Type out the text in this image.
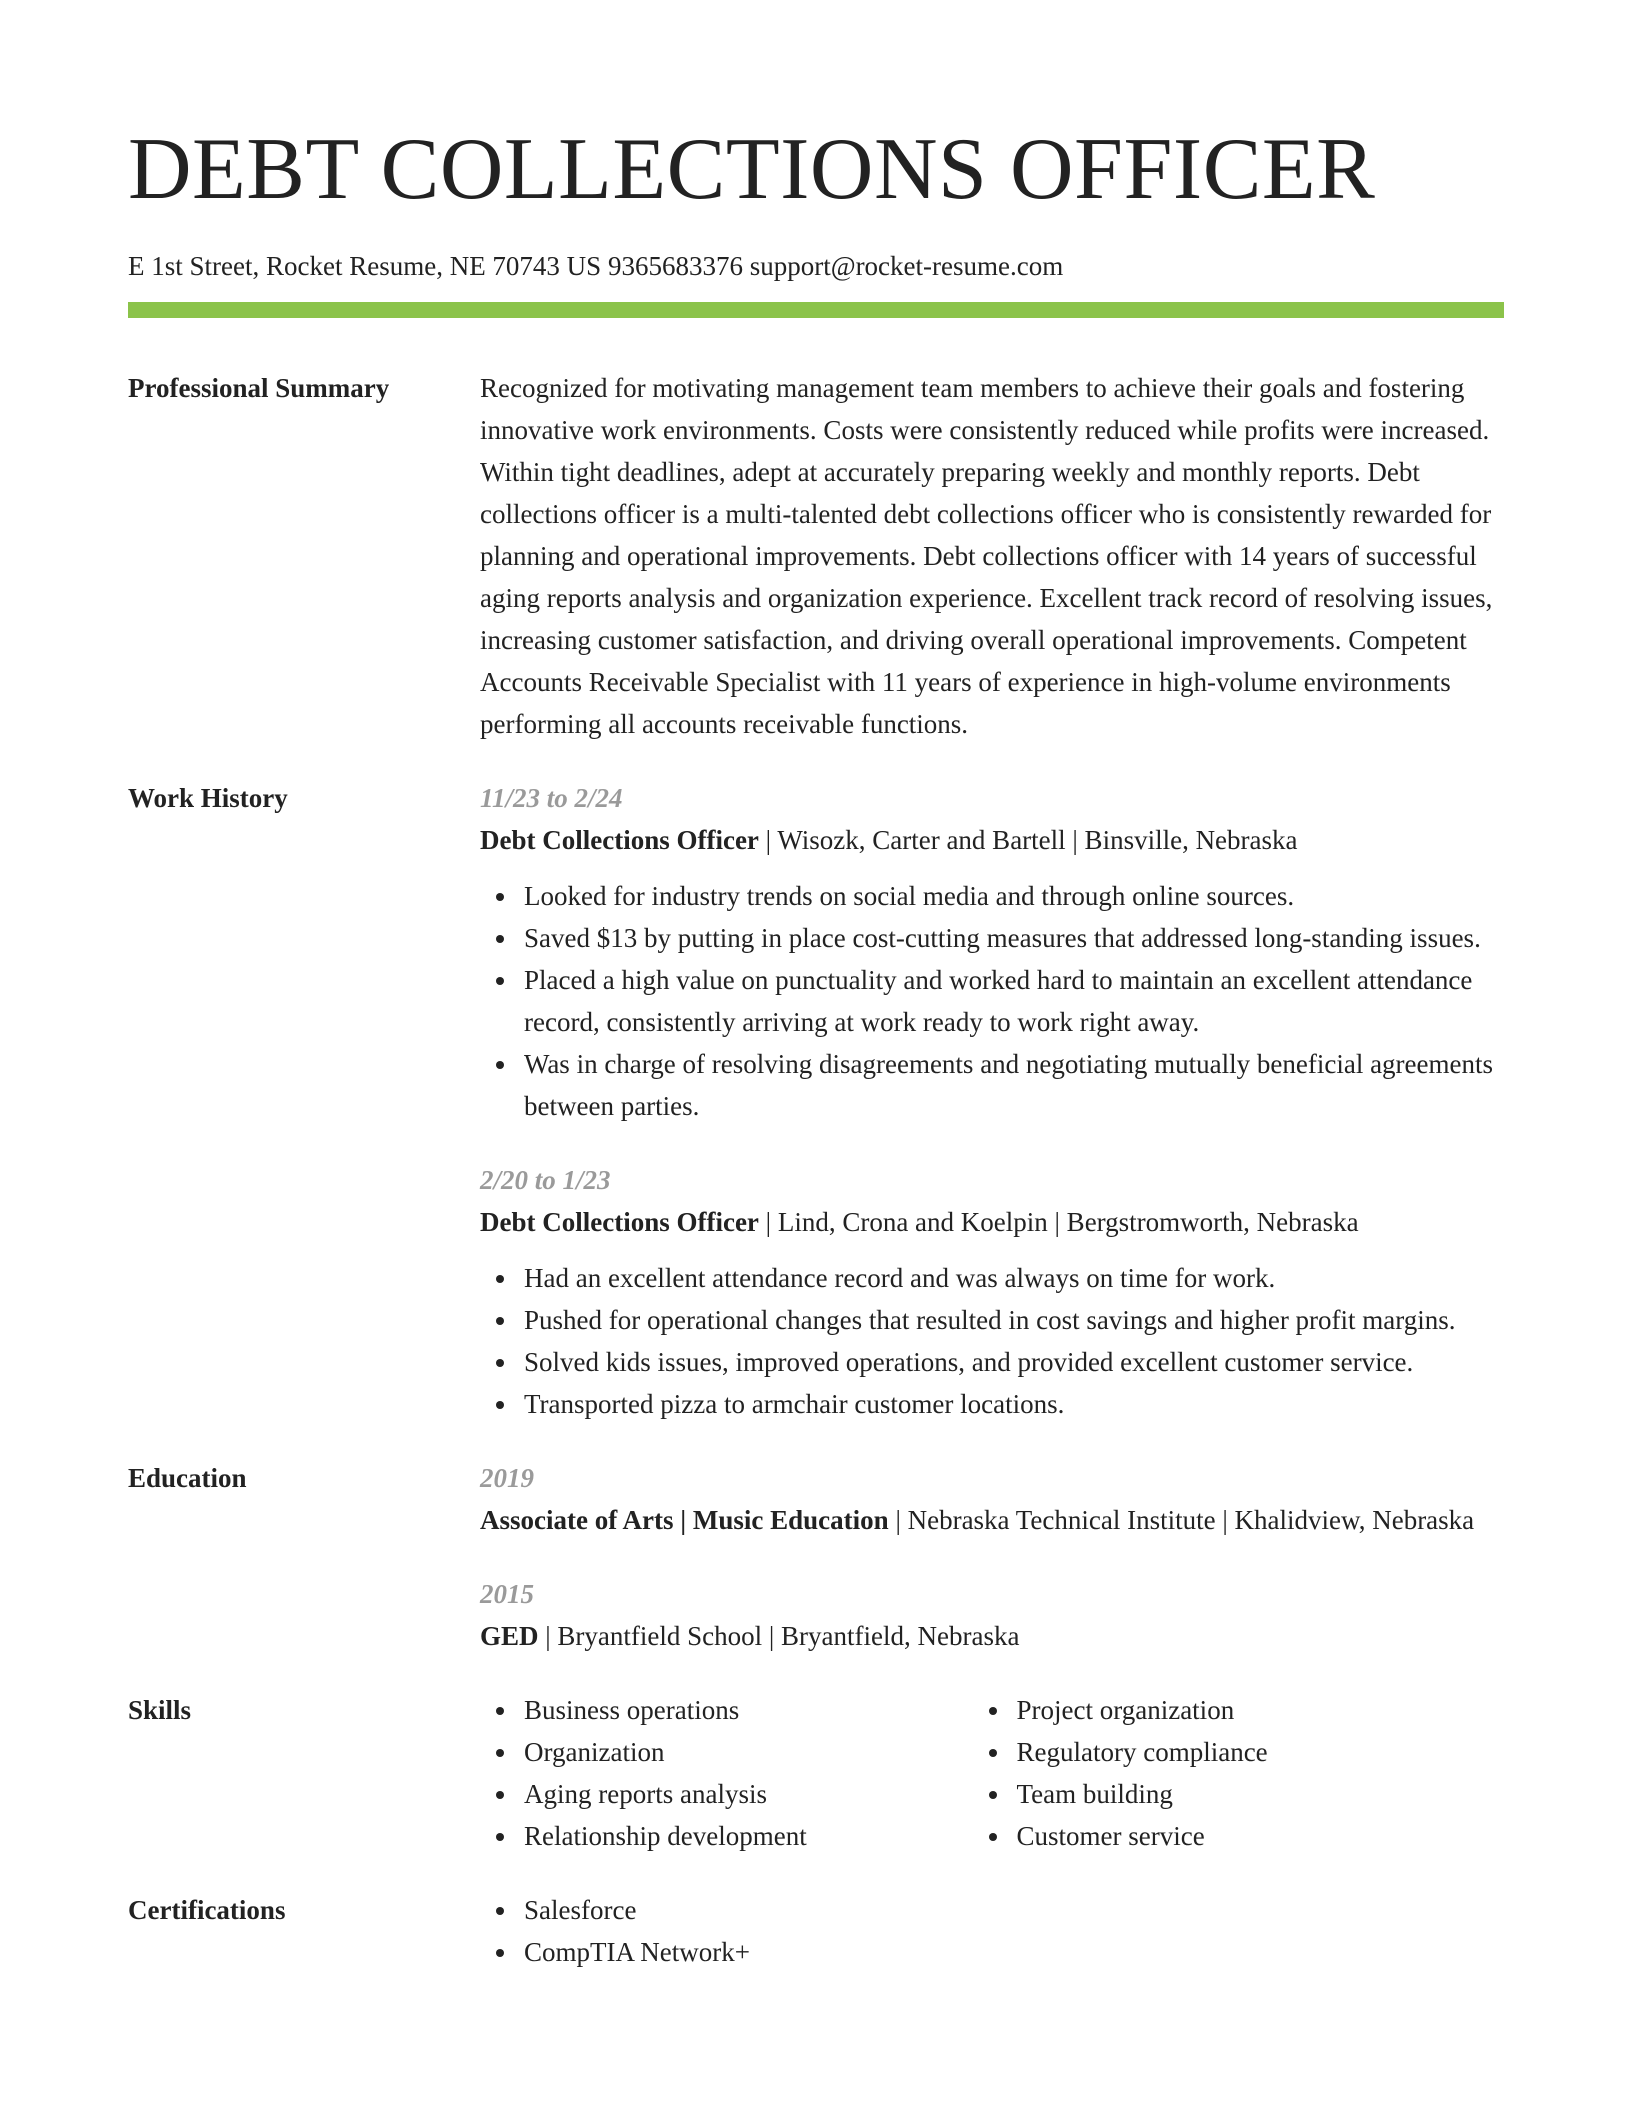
DEBT COLLECTIONS OFFICER
E 1st Street, Rocket Resume, NE 70743 US 9365683376 support@rocket-resume.com
Professional Summary	Recognized for motivating management team members to achieve their goals and fostering innovative work environments. Costs were consistently reduced while profits were increased. Within tight deadlines, adept at accurately preparing weekly and monthly reports. Debt collections officer is a multi-talented debt collections officer who is consistently rewarded for planning and operational improvements. Debt collections officer with 14 years of successful aging reports analysis and organization experience. Excellent track record of resolving issues, increasing customer satisfaction, and driving overall operational improvements. Competent Accounts Receivable Specialist with 11 years of experience in high-volume environments performing all accounts receivable functions.

Work History	11/23 to 2/24

Debt Collections Officer | Wisozk, Carter and Bartell | Binsville, Nebraska

Looked for industry trends on social media and through online sources.
Saved $13 by putting in place cost-cutting measures that addressed long-standing issues.
Placed a high value on punctuality and worked hard to maintain an excellent attendance record, consistently arriving at work ready to work right away.
Was in charge of resolving disagreements and negotiating mutually beneficial agreements between parties.
2/20 to 1/23

Debt Collections Officer | Lind, Crona and Koelpin | Bergstromworth, Nebraska

Had an excellent attendance record and was always on time for work.
Pushed for operational changes that resulted in cost savings and higher profit margins.
Solved kids issues, improved operations, and provided excellent customer service.
Transported pizza to armchair customer locations.
Education	2019

Associate of Arts | Music Education | Nebraska Technical Institute | Khalidview, Nebraska

2015

GED | Bryantfield School | Bryantfield, Nebraska

Skills	Business operations
Organization
Aging reports analysis
Relationship development
Project organization
Regulatory compliance
Team building
Customer service
Certifications	Salesforce
CompTIA Network+
